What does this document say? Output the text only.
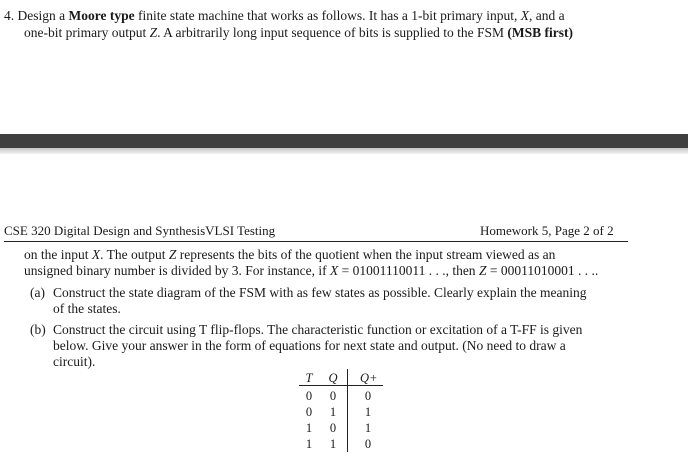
4. Design a Moore type finite state machine that works as follows. It has a 1-bit primary input, X, and a
one-bit primary output Z. A arbitrarily long input sequence of bits is supplied to the FSM (MSB first)
CSE 320 Digital Design and SynthesisVLSI Testing	Homework 5, Page 2 of 2
on the input X. The output Z represents the bits of the quotient when the input stream viewed as an
unsigned binary number is divided by 3. For instance, if X = 01001110011 . . ., then Z = 00011010001 . . ..
(a) Construct the state diagram of the FSM with as few states as possible. Clearly explain the meaning
of the states.
(b) Construct the circuit using T flip-flops. The characteristic function or excitation of a T-FF is given
below. Give your answer in the form of equations for next state and output. (No need to draw a
circuit).
T	Q Q+
0	0	0
0	1	1
1	0	1
1	1	0
